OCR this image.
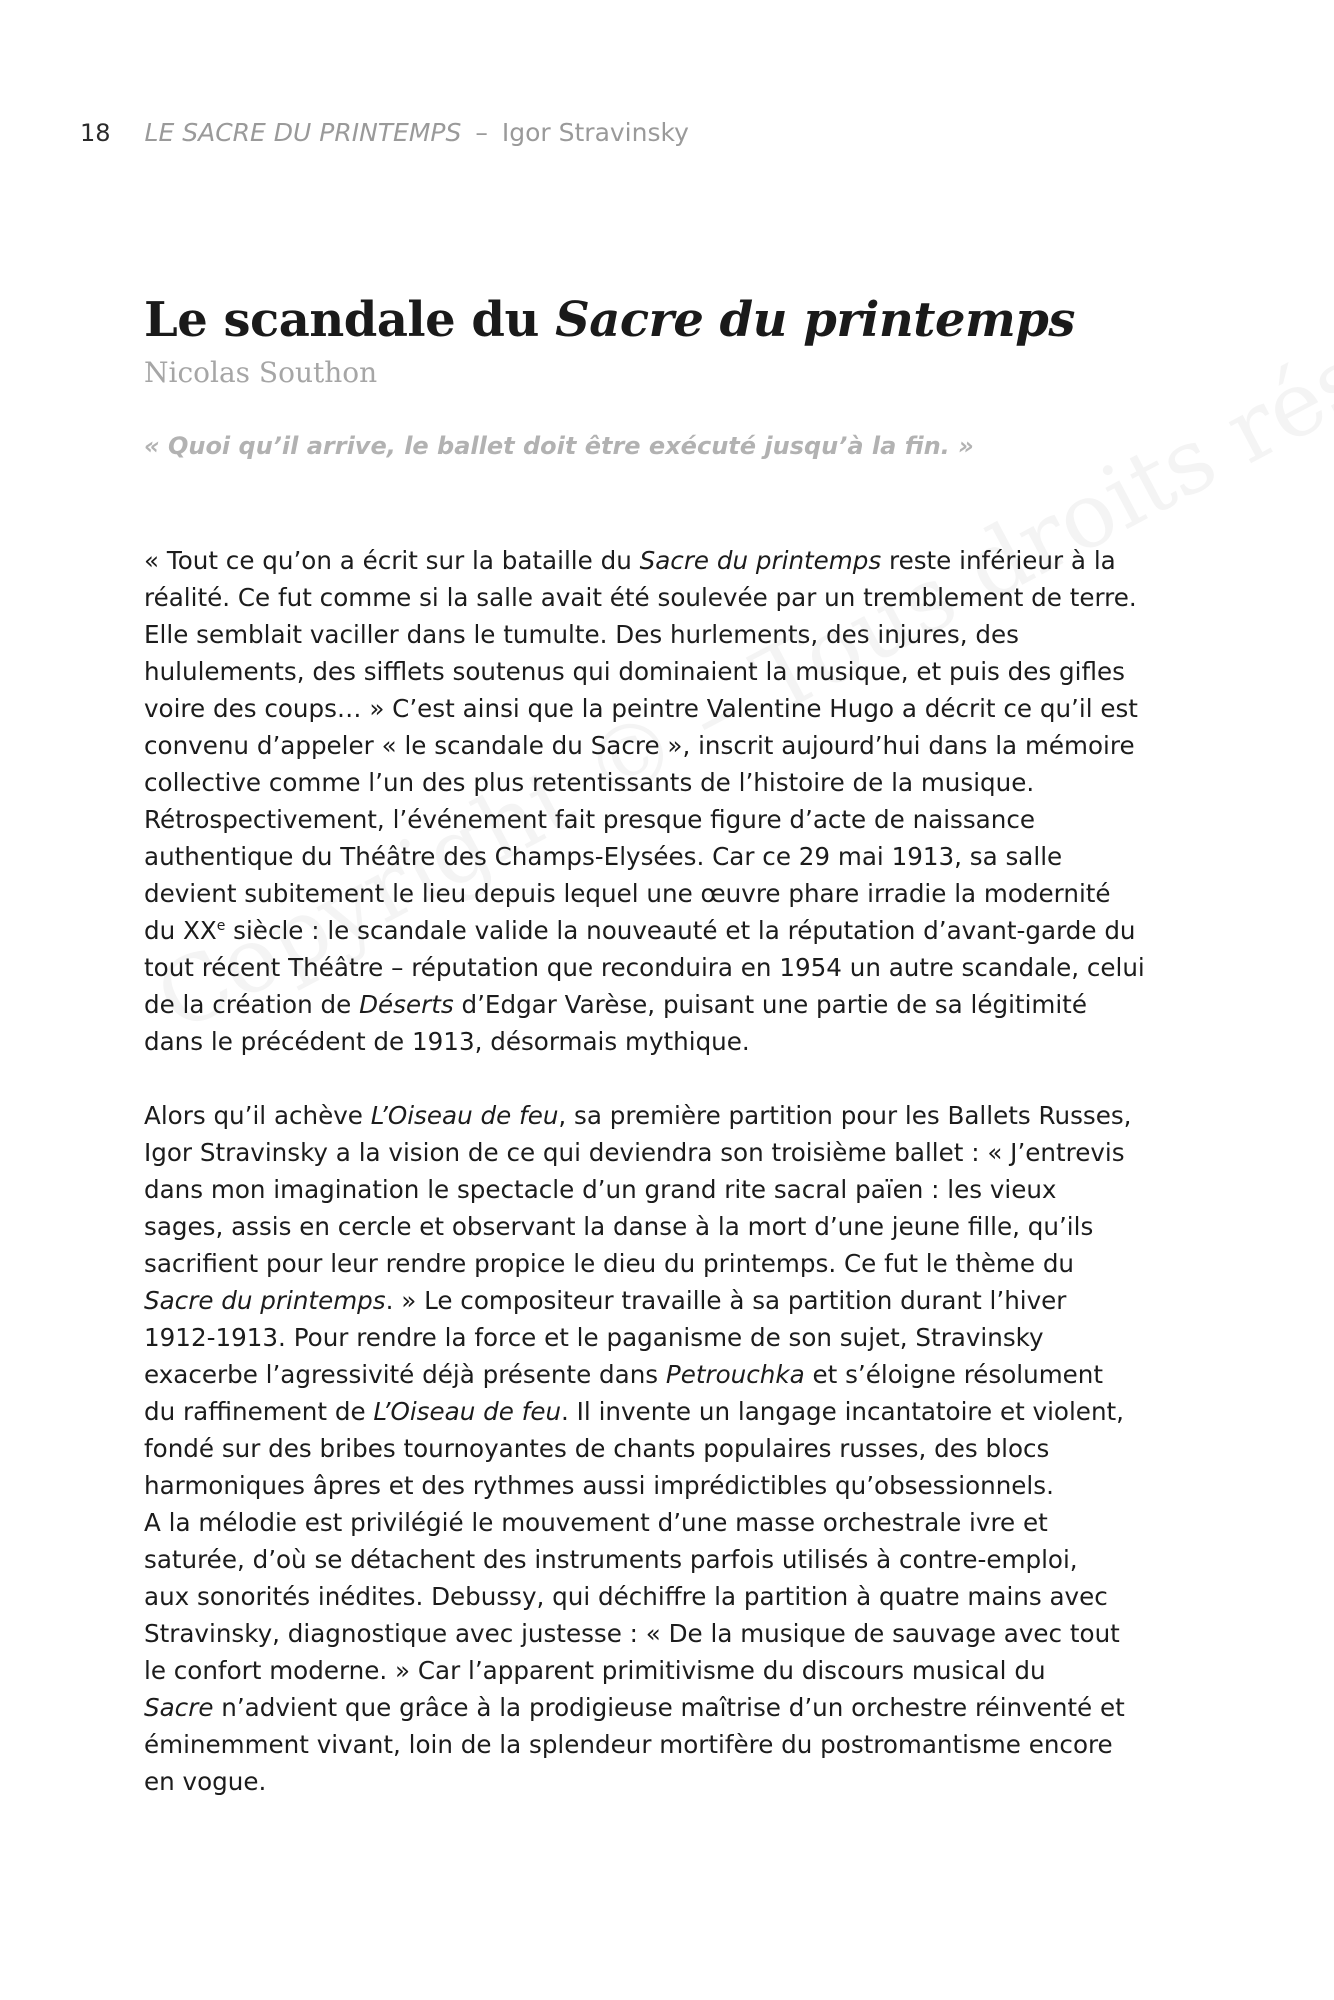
18 LE SACRE DU PRINTEMPS – Igor Stravinsky
Le scandale du Sacre du printemps
Nicolas Southon
« Quoi qu’il arrive, le ballet doit être exécuté jusqu’à la fin. »

« Tout ce qu’on a écrit sur la bataille du Sacre du printemps reste inférieur à la
réalité. Ce fut comme si la salle avait été soulevée par un tremblement de terre.
Elle semblait vaciller dans le tumulte. Des hurlements, des injures, des
hululements, des sifflets soutenus qui dominaient la musique, et puis des gifles
voire des coups… » C’est ainsi que la peintre Valentine Hugo a décrit ce qu’il est
convenu d’appeler « le scandale du Sacre », inscrit aujourd’hui dans la mémoire
collective comme l’un des plus retentissants de l’histoire de la musique.
Rétrospectivement, l’événement fait presque figure d’acte de naissance
authentique du Théâtre des Champs-Elysées. Car ce 29 mai 1913, sa salle
devient subitement le lieu depuis lequel une œuvre phare irradie la modernité
du XXe siècle : le scandale valide la nouveauté et la réputation d’avant-garde du
tout récent Théâtre – réputation que reconduira en 1954 un autre scandale, celui
de la création de Déserts d’Edgar Varèse, puisant une partie de sa légitimité
dans le précédent de 1913, désormais mythique.

Alors qu’il achève L’Oiseau de feu, sa première partition pour les Ballets Russes,
Igor Stravinsky a la vision de ce qui deviendra son troisième ballet : « J’entrevis
dans mon imagination le spectacle d’un grand rite sacral païen : les vieux
sages, assis en cercle et observant la danse à la mort d’une jeune fille, qu’ils
sacrifient pour leur rendre propice le dieu du printemps. Ce fut le thème du
Sacre du printemps. » Le compositeur travaille à sa partition durant l’hiver
1912-1913. Pour rendre la force et le paganisme de son sujet, Stravinsky
exacerbe l’agressivité déjà présente dans Petrouchka et s’éloigne résolument
du raffinement de L’Oiseau de feu. Il invente un langage incantatoire et violent,
fondé sur des bribes tournoyantes de chants populaires russes, des blocs
harmoniques âpres et des rythmes aussi imprédictibles qu’obsessionnels.
A la mélodie est privilégié le mouvement d’une masse orchestrale ivre et
saturée, d’où se détachent des instruments parfois utilisés à contre-emploi,
aux sonorités inédites. Debussy, qui déchiffre la partition à quatre mains avec
Stravinsky, diagnostique avec justesse : « De la musique de sauvage avec tout
le confort moderne. » Car l’apparent primitivisme du discours musical du
Sacre n’advient que grâce à la prodigieuse maîtrise d’un orchestre réinventé et
éminemment vivant, loin de la splendeur mortifère du postromantisme encore
en vogue.
